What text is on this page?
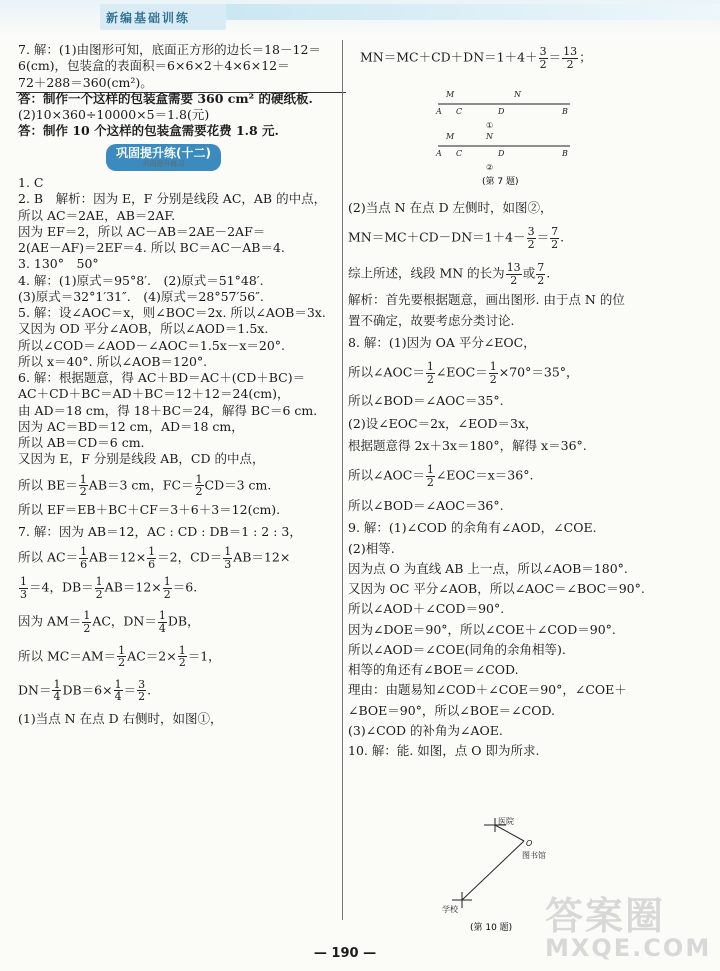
新编基础训练
7. 解：(1)由图形可知，底面正方形的边长＝18－12＝
6(cm)，包装盒的表面积＝6×6×2＋4×6×12＝
72＋288＝360(cm²)。
答：制作一个这样的包装盒需要 360 cm² 的硬纸板.
(2)10×360÷10000×5＝1.8(元)
答：制作 10 个这样的包装盒需要花费 1.8 元.
巩固提升练(十二)
巩固提升练习
1. C
2. B　解析：因为 E，F 分别是线段 AC，AB 的中点，
所以 AC＝2AE，AB＝2AF.
因为 EF＝2，所以 AC－AB＝2AE－2AF＝
2(AE－AF)＝2EF＝4. 所以 BC＝AC－AB＝4.
3. 130°　50°
4. 解：(1)原式＝95°8′.　(2)原式＝51°48′.
(3)原式＝32°1′31″.　(4)原式＝28°57′56″.
5. 解：设∠AOC＝x，则∠BOC＝2x. 所以∠AOB＝3x.
又因为 OD 平分∠AOB，所以∠AOD＝1.5x.
所以∠COD＝∠AOD－∠AOC＝1.5x－x＝20°.
所以 x＝40°. 所以∠AOB＝120°.
6. 解：根据题意，得 AC＋BD＝AC＋(CD＋BC)＝
AC＋CD＋BC＝AD＋BC＝12＋12＝24(cm)，
由 AD＝18 cm，得 18＋BC＝24，解得 BC＝6 cm.
因为 AC＝BD＝12 cm，AD＝18 cm，
所以 AB＝CD＝6 cm.
又因为 E，F 分别是线段 AB，CD 的中点，
所以 $BE= \frac{1}{2} AB=3$ cm，$FC= \frac{1}{2} CD=3$ cm.
所以 EF＝EB＋BC＋CF＝3＋6＋3＝12(cm).
7. 解：因为 AB＝12，AC : CD : DB＝1 : 2 : 3，
所以 $AC= \frac{1}{6} AB=12\times \frac{1}{6} =2$，$CD= \frac{1}{3} AB=12\times$
$\frac{1}{3} =4$，$DB= \frac{1}{2} AB=12\times \frac{1}{2} =6$.
因为 $AM= \frac{1}{2}$ AC，$DN= \frac{1}{4}$ DB，
所以 $MC=AM= \frac{1}{2} AC=2\times \frac{1}{2} =1$，
$DN= \frac{1}{4} DB=6\times \frac{1}{4} = \frac{3}{2}$ .
(1)当点 N 在点 D 右侧时，如图①，
$MN=MC+CD+DN=1+4+ \frac{3}{2} = \frac{13}{2}$ ；
M	N
A C	D	B
①
M	N
A C	D	B
②
(第 7 题)
(2)当点 N 在点 D 左侧时，如图②，
$MN=MC+CD-DN=1+4- \frac{3}{2} = \frac{7}{2}$ .
综上所述，线段 MN 的长为 $\frac{13}{2}$ 或 $\frac{7}{2}$ .
解析：首先要根据题意，画出图形. 由于点 N 的位
置不确定，故要考虑分类讨论.
8. 解：(1)因为 OA 平分∠EOC，
所以∠AOC＝ $\frac{1}{2}$ ∠EOC＝ $\frac{1}{2} \times 70^\circ=35^\circ$，
所以∠BOD＝∠AOC＝35°.
(2)设∠EOC＝2x，∠EOD＝3x，
根据题意得 2x＋3x＝180°，解得 x＝36°.
所以∠AOC＝ $\frac{1}{2}$ ∠EOC＝x＝36°.
所以∠BOD＝∠AOC＝36°.
9. 解：(1)∠COD 的余角有∠AOD，∠COE.
(2)相等.
因为点 O 为直线 AB 上一点，所以∠AOB＝180°.
又因为 OC 平分∠AOB，所以∠AOC＝∠BOC＝90°.
所以∠AOD＋∠COD＝90°.
因为∠DOE＝90°，所以∠COE＋∠COD＝90°.
所以∠AOD＝∠COE(同角的余角相等).
相等的角还有∠BOE＝∠COD.
理由：由题易知∠COD＋∠COE＝90°，∠COE＋
∠BOE＝90°，所以∠BOE＝∠COD.
(3)∠COD 的补角为∠AOE.
10. 解：能. 如图，点 O 即为所求.
医院
O
图书馆
学校
(第 10 题)
— 190 —
答案圈
MXQE.COM
